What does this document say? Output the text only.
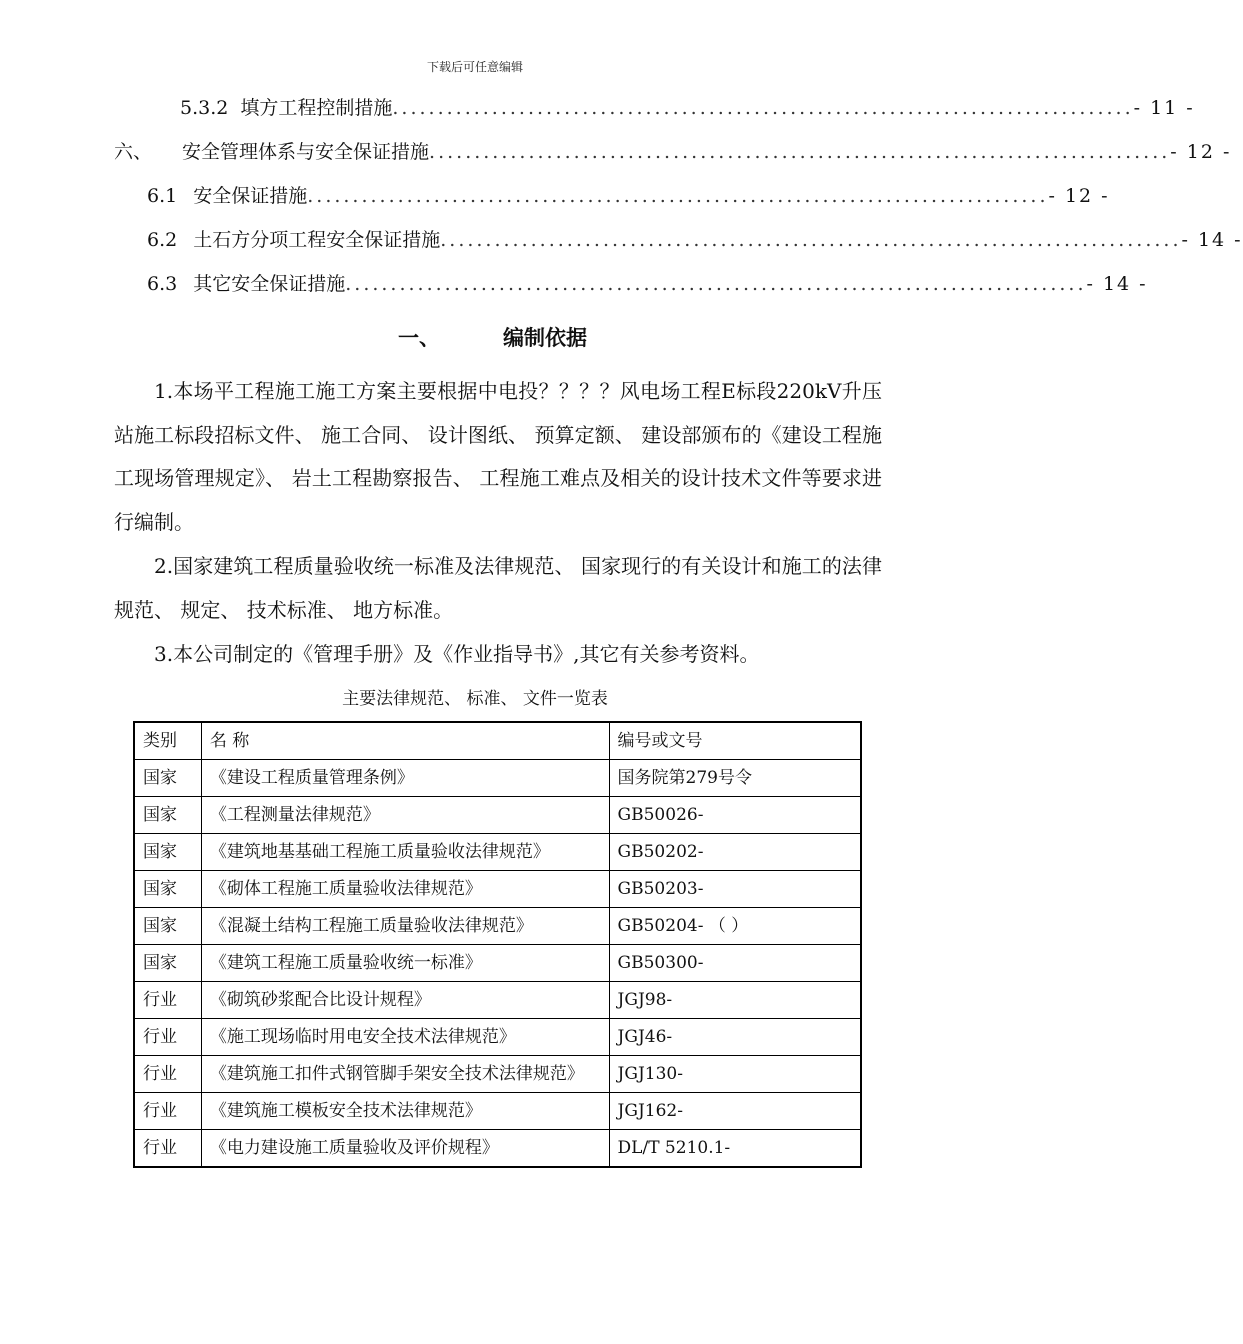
下载后可任意编辑
5.3.2 填方工程控制措施 .................................................................................. - 11 -
六、 安全管理体系与安全保证措施 .................................................................................. - 12 -
6.1 安全保证措施 .................................................................................. - 12 -
6.2 土石方分项工程安全保证措施 .................................................................................. - 14 -
6.3 其它安全保证措施 .................................................................................. - 14 -
一、	编制依据

1.本场平工程施工施工方案主要根据中电投？？？？风电场工程E标段220kV升压站施工标段招标文件、 施工合同、 设计图纸、 预算定额、 建设部颁布的《建设工程施工现场管理规定》、 岩土工程勘察报告、 工程施工难点及相关的设计技术文件等要求进行编制。

2.国家建筑工程质量验收统一标准及法律规范、 国家现行的有关设计和施工的法律规范、 规定、 技术标准、 地方标准。

3.本公司制定的《管理手册》及《作业指导书》,其它有关参考资料。

主要法律规范、 标准、 文件一览表
类别	名 称	编号或文号
国家	《建设工程质量管理条例》	国务院第279号令
国家	《工程测量法律规范》	GB50026-
国家	《建筑地基基础工程施工质量验收法律规范》	GB50202-
国家	《砌体工程施工质量验收法律规范》	GB50203-
国家	《混凝土结构工程施工质量验收法律规范》	GB50204- （ ）
国家	《建筑工程施工质量验收统一标准》	GB50300-
行业	《砌筑砂浆配合比设计规程》	JGJ98-
行业	《施工现场临时用电安全技术法律规范》	JGJ46-
行业	《建筑施工扣件式钢管脚手架安全技术法律规范》	JGJ130-
行业	《建筑施工模板安全技术法律规范》	JGJ162-
行业	《电力建设施工质量验收及评价规程》	DL/T 5210.1-
